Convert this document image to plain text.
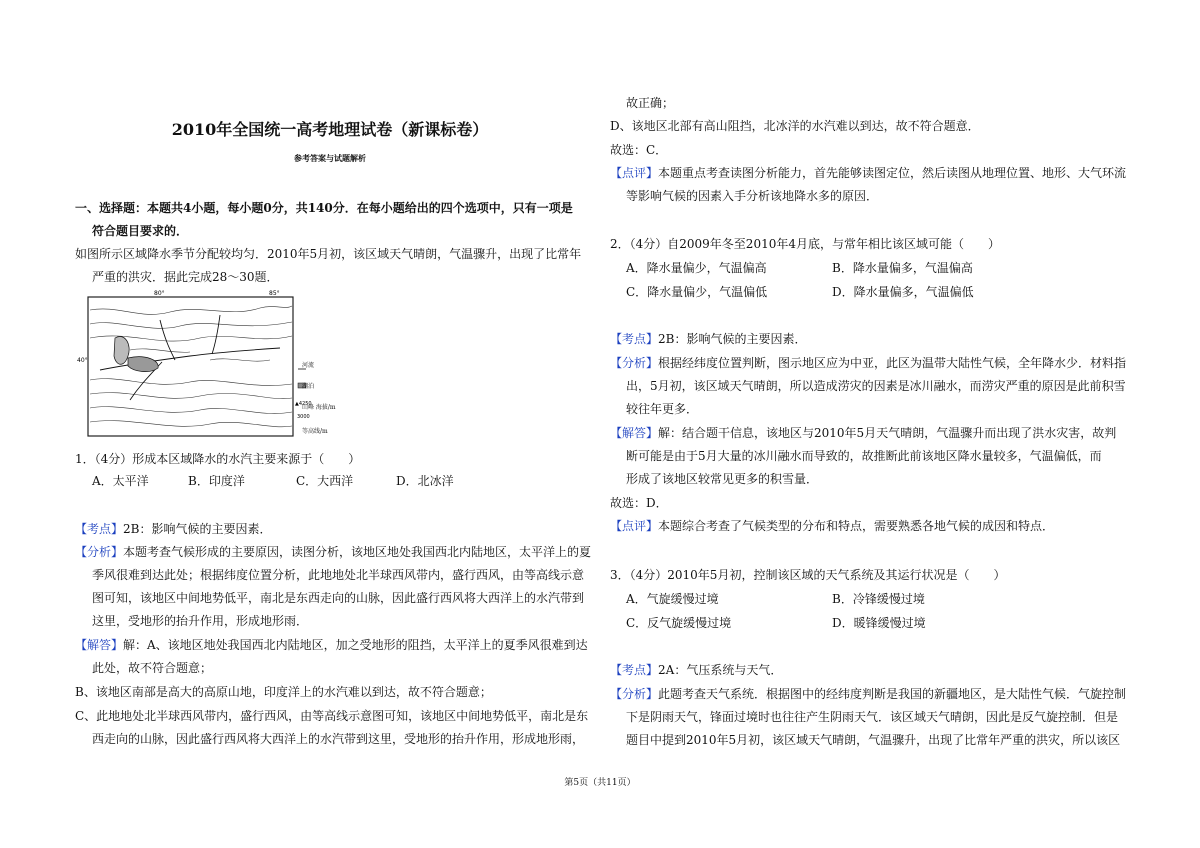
2010年全国统一高考地理试卷（新课标卷）
参考答案与试题解析
一、选择题：本题共4小题，每小题0分，共140分．在每小题给出的四个选项中，只有一项是
符合题目要求的．
如图所示区域降水季节分配较均匀．2010年5月初，该区域天气晴朗，气温骤升，出现了比常年
严重的洪灾．据此完成28～30题．
40°
80°	85°
▲4250
3000
河流
湖泊
山峰 海拔/m
等高线/m
1．（4分）形成本区域降水的水汽主要来源于（　　）
A．太平洋	B．印度洋	C．大西洋	D．北冰洋
【考点】2B：影响气候的主要因素．
【分析】本题考查气候形成的主要原因，读图分析，该地区地处我国西北内陆地区，太平洋上的夏
季风很难到达此处；根据纬度位置分析，此地地处北半球西风带内，盛行西风，由等高线示意
图可知，该地区中间地势低平，南北是东西走向的山脉，因此盛行西风将大西洋上的水汽带到
这里，受地形的抬升作用，形成地形雨．
【解答】解：A、该地区地处我国西北内陆地区，加之受地形的阻挡，太平洋上的夏季风很难到达
此处，故不符合题意；
B、该地区南部是高大的高原山地，印度洋上的水汽难以到达，故不符合题意；
C、此地地处北半球西风带内，盛行西风，由等高线示意图可知，该地区中间地势低平，南北是东
西走向的山脉，因此盛行西风将大西洋上的水汽带到这里，受地形的抬升作用，形成地形雨，
故正确；
D、该地区北部有高山阻挡，北冰洋的水汽难以到达，故不符合题意．
故选：C．
【点评】本题重点考查读图分析能力，首先能够读图定位，然后读图从地理位置、地形、大气环流
等影响气候的因素入手分析该地降水多的原因．
2．（4分）自2009年冬至2010年4月底，与常年相比该区域可能（　　）
A．降水量偏少，气温偏高	B．降水量偏多，气温偏高
C．降水量偏少，气温偏低	D．降水量偏多，气温偏低
【考点】2B：影响气候的主要因素．
【分析】根据经纬度位置判断，图示地区应为中亚，此区为温带大陆性气候，全年降水少．材料指
出，5月初，该区域天气晴朗，所以造成涝灾的因素是冰川融水，而涝灾严重的原因是此前积雪
较往年更多．
【解答】解：结合题干信息，该地区与2010年5月天气晴朗，气温骤升而出现了洪水灾害，故判
断可能是由于5月大量的冰川融水而导致的，故推断此前该地区降水量较多，气温偏低，而
形成了该地区较常见更多的积雪量．
故选：D．
【点评】本题综合考查了气候类型的分布和特点，需要熟悉各地气候的成因和特点．
3．（4分）2010年5月初，控制该区域的天气系统及其运行状况是（　　）
A．气旋缓慢过境	B．冷锋缓慢过境
C．反气旋缓慢过境	D．暖锋缓慢过境
【考点】2A：气压系统与天气．
【分析】此题考查天气系统．根据图中的经纬度判断是我国的新疆地区，是大陆性气候．气旋控制
下是阴雨天气，锋面过境时也往往产生阴雨天气．该区域天气晴朗，因此是反气旋控制．但是
题目中提到2010年5月初，该区域天气晴朗，气温骤升，出现了比常年严重的洪灾，所以该区
第5页（共11页）
